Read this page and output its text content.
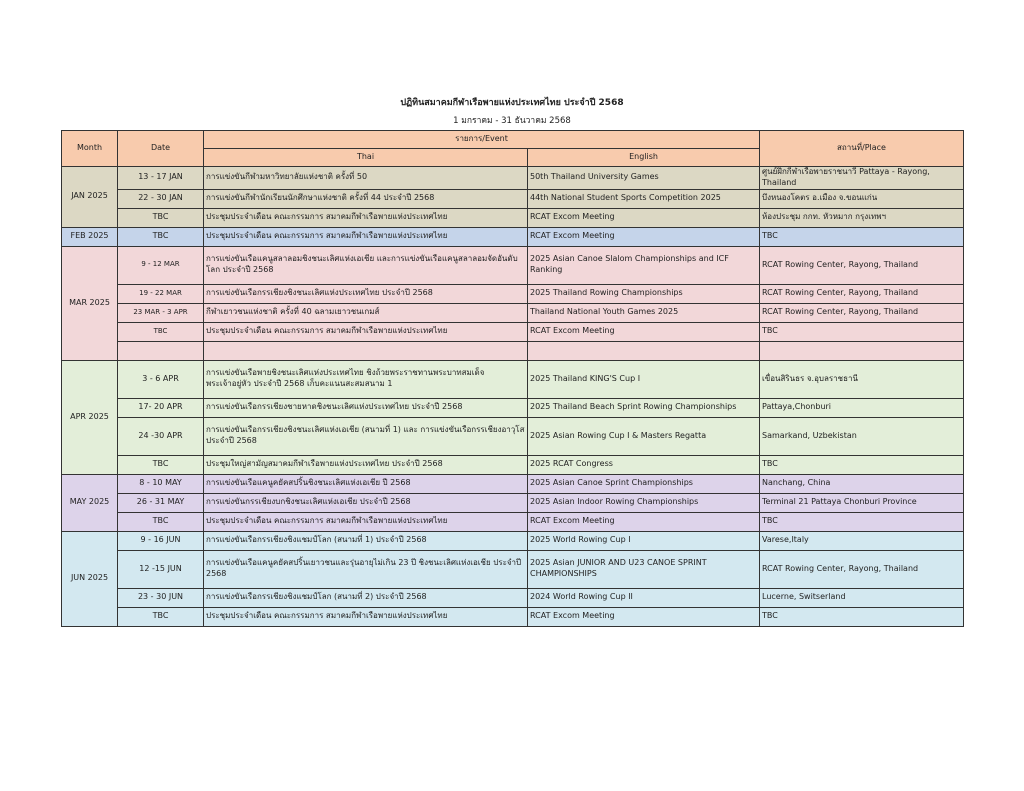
ปฏิทินสมาคมกีฬาเรือพายแห่งประเทศไทย ประจำปี 2568
1 มกราคม - 31 ธันวาคม 2568
Month	Date	รายการ/Event		สถานที่/Place
		Thai	English	
JAN 2025	13 - 17 JAN	การแข่งขันกีฬามหาวิทยาลัยแห่งชาติ ครั้งที่ 50	50th Thailand University Games	ศูนย์ฝึกกีฬาเรือพายราชนาวี Pattaya - Rayong, Thailand
	22 - 30 JAN	การแข่งขันกีฬานักเรียนนักศึกษาแห่งชาติ ครั้งที่ 44 ประจำปี 2568	44th National Student Sports Competition 2025	บึงหนองโคตร อ.เมือง จ.ขอนแก่น
	TBC	ประชุมประจำเดือน คณะกรรมการ สมาคมกีฬาเรือพายแห่งประเทศไทย	RCAT Excom Meeting	ห้องประชุม กกท. หัวหมาก กรุงเทพฯ
FEB 2025	TBC	ประชุมประจำเดือน คณะกรรมการ สมาคมกีฬาเรือพายแห่งประเทศไทย	RCAT Excom Meeting	TBC
MAR 2025	9 - 12 MAR	การแข่งขันเรือแคนูสลาลอมชิงชนะเลิศแห่งเอเชีย และการแข่งขันเรือแคนูสลาลอมจัดอันดับโลก ประจำปี 2568	2025 Asian Canoe Slalom Championships and ICF Ranking	RCAT Rowing Center, Rayong, Thailand
	19 - 22 MAR	การแข่งขันเรือกรรเชียงชิงชนะเลิศแห่งประเทศไทย ประจำปี 2568	2025 Thailand Rowing Championships	RCAT Rowing Center, Rayong, Thailand
	23 MAR - 3 APR	กีฬาเยาวชนแห่งชาติ ครั้งที่ 40 ฉลามเยาวชนเกมส์	Thailand National Youth Games 2025	RCAT Rowing Center, Rayong, Thailand
	TBC	ประชุมประจำเดือน คณะกรรมการ สมาคมกีฬาเรือพายแห่งประเทศไทย	RCAT Excom Meeting	TBC

APR 2025	3 - 6 APR	การแข่งขันเรือพายชิงชนะเลิศแห่งประเทศไทย ชิงถ้วยพระราชทานพระบาทสมเด็จพระเจ้าอยู่หัว ประจำปี 2568 เก็บคะแนนสะสมสนาม 1	2025 Thailand KING'S Cup I	เขื่อนสิรินธร จ.อุบลราชธานี
	17- 20 APR	การแข่งขันเรือกรรเชียงชายหาดชิงชนะเลิศแห่งประเทศไทย ประจำปี 2568	2025 Thailand Beach Sprint Rowing Championships	Pattaya,Chonburi
	24 -30 APR	การแข่งขันเรือกรรเชียงชิงชนะเลิศแห่งเอเชีย (สนามที่ 1) และ การแข่งขันเรือกรรเชียงอาวุโส ประจำปี 2568	2025 Asian Rowing Cup I & Masters Regatta	Samarkand, Uzbekistan
	TBC	ประชุมใหญ่สามัญสมาคมกีฬาเรือพายแห่งประเทศไทย ประจำปี 2568	2025 RCAT Congress	TBC
MAY 2025	8 - 10 MAY	การแข่งขันเรือแคนูคยัคสปริ้นชิงชนะเลิศแห่งเอเชีย ปี 2568	2025 Asian Canoe Sprint Championships	Nanchang, China
	26 - 31 MAY	การแข่งขันกรรเชียงบกชิงชนะเลิศแห่งเอเชีย ประจำปี 2568	2025 Asian Indoor Rowing Championships	Terminal 21 Pattaya Chonburi Province
	TBC	ประชุมประจำเดือน คณะกรรมการ สมาคมกีฬาเรือพายแห่งประเทศไทย	RCAT Excom Meeting	TBC
JUN 2025	9 - 16 JUN	การแข่งขันเรือกรรเชียงชิงแชมป์โลก (สนามที่ 1) ประจำปี 2568	2025 World Rowing Cup I	Varese,Italy
	12 -15 JUN	การแข่งขันเรือแคนูคยัคสปริ้นเยาวชนและรุ่นอายุไม่เกิน 23 ปี ชิงชนะเลิศแห่งเอเชีย ประจำปี 2568	2025 Asian JUNIOR AND U23 CANOE SPRINT CHAMPIONSHIPS	RCAT Rowing Center, Rayong, Thailand
	23 - 30 JUN	การแข่งขันเรือกรรเชียงชิงแชมป์โลก (สนามที่ 2) ประจำปี 2568	2024 World Rowing Cup II	Lucerne, Switserland
	TBC	ประชุมประจำเดือน คณะกรรมการ สมาคมกีฬาเรือพายแห่งประเทศไทย	RCAT Excom Meeting	TBC
